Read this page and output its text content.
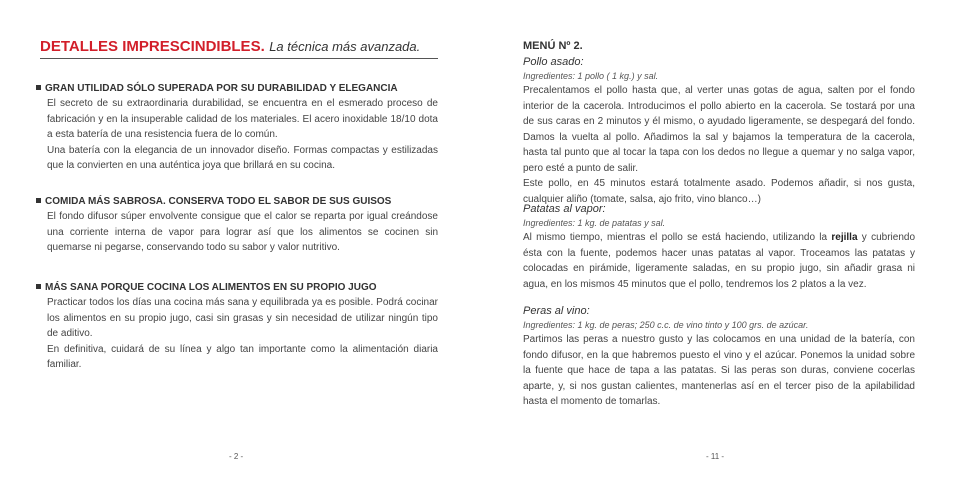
DETALLES IMPRESCINDIBLES. La técnica más avanzada.
GRAN UTILIDAD SÓLO SUPERADA POR SU DURABILIDAD Y ELEGANCIA

El secreto de su extraordinaria durabilidad, se encuentra en el esmerado proceso de fabricación y en la insuperable calidad de los materiales. El acero inoxidable 18/10 dota a esta batería de una resistencia fuera de lo común.

Una batería con la elegancia de un innovador diseño. Formas compactas y estilizadas que la convierten en una auténtica joya que brillará en su cocina.

COMIDA MÁS SABROSA. CONSERVA TODO EL SABOR DE SUS GUISOS

El fondo difusor súper envolvente consigue que el calor se reparta por igual creándose una corriente interna de vapor para lograr así que los alimentos se cocinen sin quemarse ni pegarse, conservando todo su sabor y valor nutritivo.

MÁS SANA PORQUE COCINA LOS ALIMENTOS EN SU PROPIO JUGO

Practicar todos los días una cocina más sana y equilibrada ya es posible. Podrá cocinar los alimentos en su propio jugo, casi sin grasas y sin necesidad de utilizar ningún tipo de aditivo.

En definitiva, cuidará de su línea y algo tan importante como la alimentación diaria familiar.

- 2 -
MENÚ Nº 2.
Pollo asado:
Ingredientes: 1 pollo ( 1 kg.) y sal.

Precalentamos el pollo hasta que, al verter unas gotas de agua, salten por el fondo interior de la cacerola. Introducimos el pollo abierto en la cacerola. Se tostará por una de sus caras en 2 minutos y él mismo, o ayudado ligeramente, se despegará del fondo. Damos la vuelta al pollo. Añadimos la sal y bajamos la temperatura de la cacerola, hasta tal punto que al tocar la tapa con los dedos no llegue a quemar y no salga vapor, pero esté a punto de salir.

Este pollo, en 45 minutos estará totalmente asado. Podemos añadir, si nos gusta, cualquier aliño (tomate, salsa, ajo frito, vino blanco…)

Patatas al vapor:
Ingredientes: 1 kg. de patatas y sal.

Al mismo tiempo, mientras el pollo se está haciendo, utilizando la rejilla y cubriendo ésta con la fuente, podemos hacer unas patatas al vapor. Troceamos las patatas y colocadas en pirámide, ligeramente saladas, en su propio jugo, sin añadir grasa ni agua, en los mismos 45 minutos que el pollo, tendremos los 2 platos a la vez.

Peras al vino:
Ingredientes: 1 kg. de peras; 250 c.c. de vino tinto y 100 grs. de azúcar.

Partimos las peras a nuestro gusto y las colocamos en una unidad de la batería, con fondo difusor, en la que habremos puesto el vino y el azúcar. Ponemos la unidad sobre la fuente que hace de tapa a las patatas. Si las peras son duras, conviene cocerlas aparte, y, si nos gustan calientes, mantenerlas así en el tercer piso de la apilabilidad hasta el momento de tomarlas.

- 11 -
